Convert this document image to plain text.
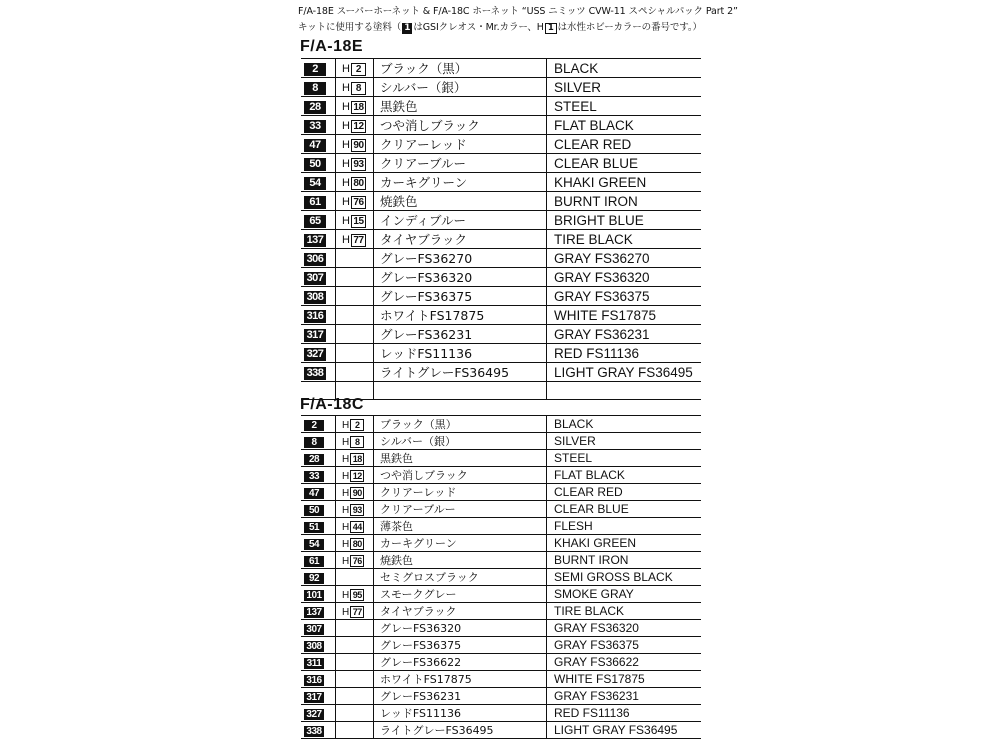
F/A-18E スーパーホーネット & F/A-18C ホーネット “USS ニミッツ CVW-11 スペシャルパック Part 2”
キットに使用する塗料（ 1 はGSIクレオス・Mr.カラー、H 1 は水性ホビーカラーの番号です。）
F/A-18E
2	H 2	ブラック（黒）	BLACK
8	H 8	シルバー（銀）	SILVER
28	H 18	黒鉄色	STEEL
33	H 12	つや消しブラック	FLAT BLACK
47	H 90	クリアーレッド	CLEAR RED
50	H 93	クリアーブルー	CLEAR BLUE
54	H 80	カーキグリーン	KHAKI GREEN
61	H 76	焼鉄色	BURNT IRON
65	H 15	インディブルー	BRIGHT BLUE
137	H 77	タイヤブラック	TIRE BLACK
306		グレーFS36270	GRAY FS36270
307		グレーFS36320	GRAY FS36320
308		グレーFS36375	GRAY FS36375
316		ホワイトFS17875	WHITE FS17875
317		グレーFS36231	GRAY FS36231
327		レッドFS11136	RED FS11136
338		ライトグレーFS36495	LIGHT GRAY FS36495

F/A-18C
2	H 2	ブラック（黒）	BLACK
8	H 8	シルバー（銀）	SILVER
28	H 18	黒鉄色	STEEL
33	H 12	つや消しブラック	FLAT BLACK
47	H 90	クリアーレッド	CLEAR RED
50	H 93	クリアーブルー	CLEAR BLUE
51	H 44	薄茶色	FLESH
54	H 80	カーキグリーン	KHAKI GREEN
61	H 76	焼鉄色	BURNT IRON
92		セミグロスブラック	SEMI GROSS BLACK
101	H 95	スモークグレー	SMOKE GRAY
137	H 77	タイヤブラック	TIRE BLACK
307		グレーFS36320	GRAY FS36320
308		グレーFS36375	GRAY FS36375
311		グレーFS36622	GRAY FS36622
316		ホワイトFS17875	WHITE FS17875
317		グレーFS36231	GRAY FS36231
327		レッドFS11136	RED FS11136
338		ライトグレーFS36495	LIGHT GRAY FS36495
